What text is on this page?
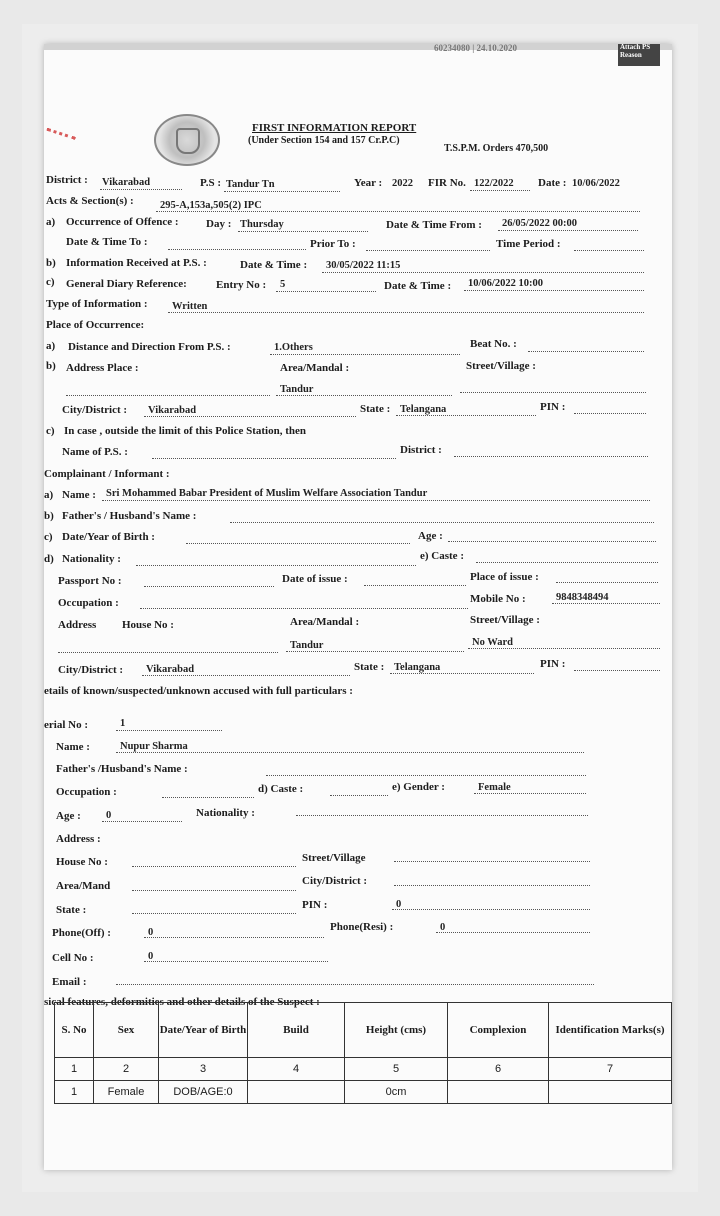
60234080 | 24.10.2020	Attach PS Reason
FIRST INFORMATION REPORT
(Under Section 154 and 157 Cr.P.C)
T.S.P.M. Orders 470,500
District : Vikarabad	P.S : Tandur Tn	Year : 2022 FIR No. 122/2022 Date : 10/06/2022
Acts & Section(s) :	295-A,153a,505(2) IPC
a) Occurrence of Offence :	Day : Thursday	Date & Time From : 26/05/2022 00:00
Date & Time To :	Prior To :	Time Period :
b) Information Received at P.S. :	Date & Time : 30/05/2022 11:15
c) General Diary Reference:	Entry No : 5	Date & Time : 10/06/2022 10:00
Type of Information : Written
Place of Occurrence:
a) Distance and Direction From P.S. :	1.Others	Beat No. :
b) Address Place :	Area/Mandal :	Street/Village :
Tandur
City/District : Vikarabad	State : Telangana	PIN :
c) In case , outside the limit of this Police Station, then
Name of P.S. :	District :
Complainant / Informant :
a) Name : Sri Mohammed Babar President of Muslim Welfare Association Tandur
b) Father's / Husband's Name :
c) Date/Year of Birth :	Age :
d) Nationality :	e) Caste :
Passport No :	Date of issue :	Place of issue :
Occupation :	Mobile No :	9848348494
Address House No :	Area/Mandal :	Street/Village :
Tandur	No Ward
City/District : Vikarabad	State : Telangana	PIN :
etails of known/suspected/unknown accused with full particulars :
erial No :	1
Name :	Nupur Sharma
Father's /Husband's Name :
Occupation :	d) Caste :	e) Gender :	Female
Age : 0	Nationality :
Address :
House No :	Street/Village
Area/Mand	City/District :
State :	PIN :	0
Phone(Off) :	0	Phone(Resi) :	0
Cell No :	0
Email :
sical features, deformities and other details of the Suspect :
S. No	Sex	Date/Year of Birth	Build	Height (cms)	Complexion	Identification Marks(s)
1	2	3	4	5	6	7
1	Female	DOB/AGE:0		0cm		
